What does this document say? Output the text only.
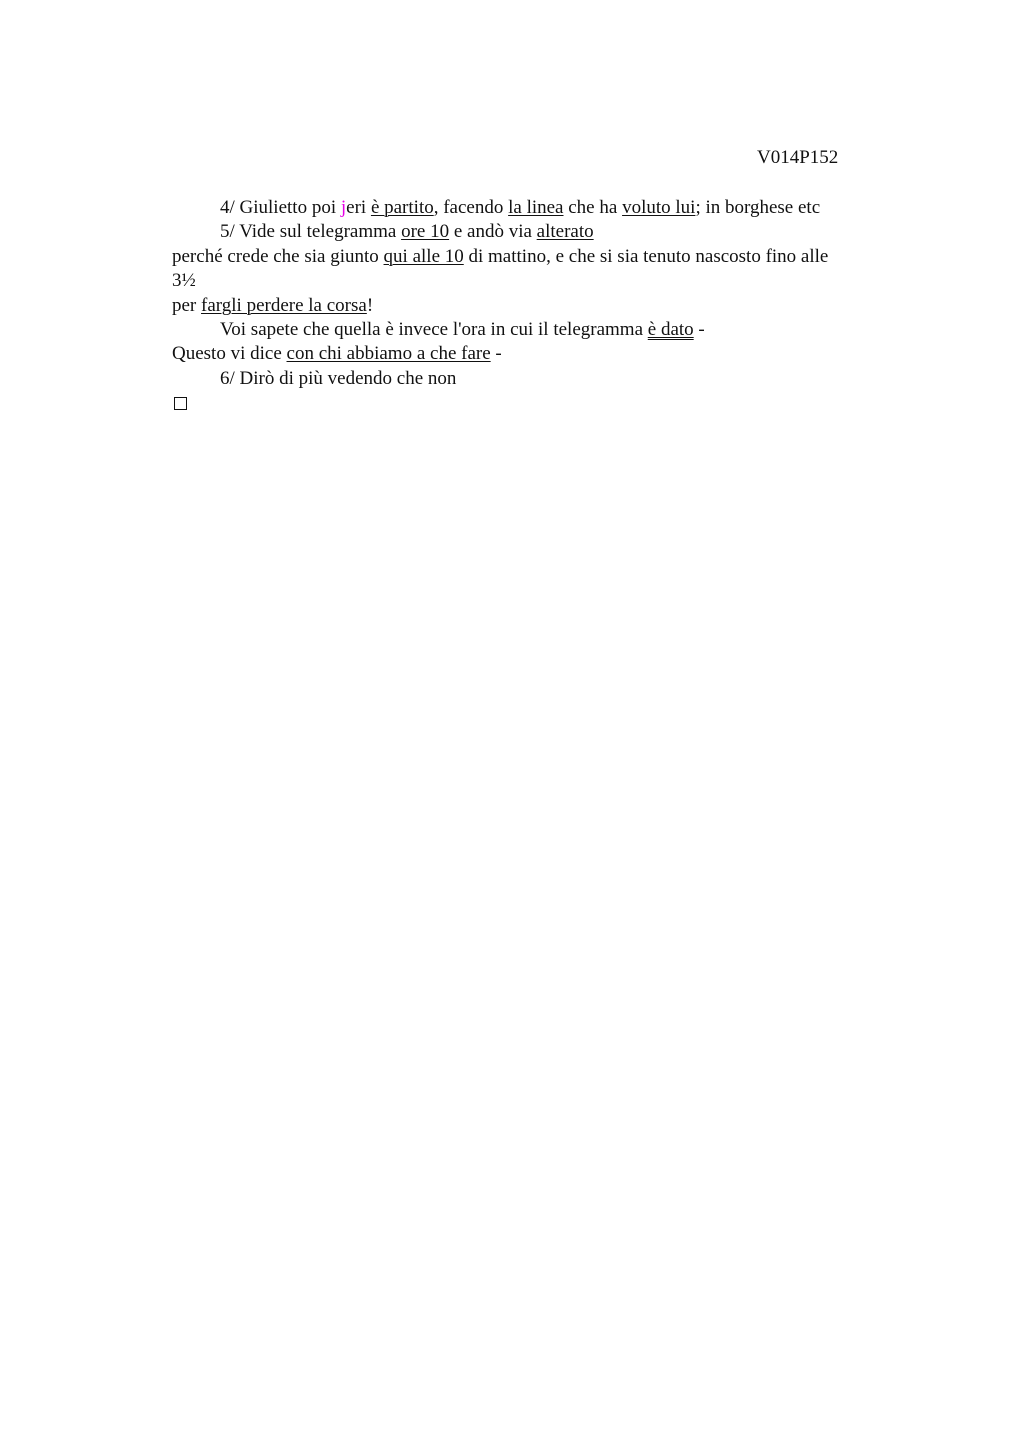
V014P152
4/ Giulietto poi jeri è partito, facendo la linea che ha voluto lui; in borghese etc
5/ Vide sul telegramma ore 10 e andò via alterato
perché crede che sia giunto qui alle 10 di mattino, e che si sia tenuto nascosto fino alle
3½
per fargli perdere la corsa!
Voi sapete che quella è invece l'ora in cui il telegramma è dato -
Questo vi dice con chi abbiamo a che fare -
6/ Dirò di più vedendo che non
